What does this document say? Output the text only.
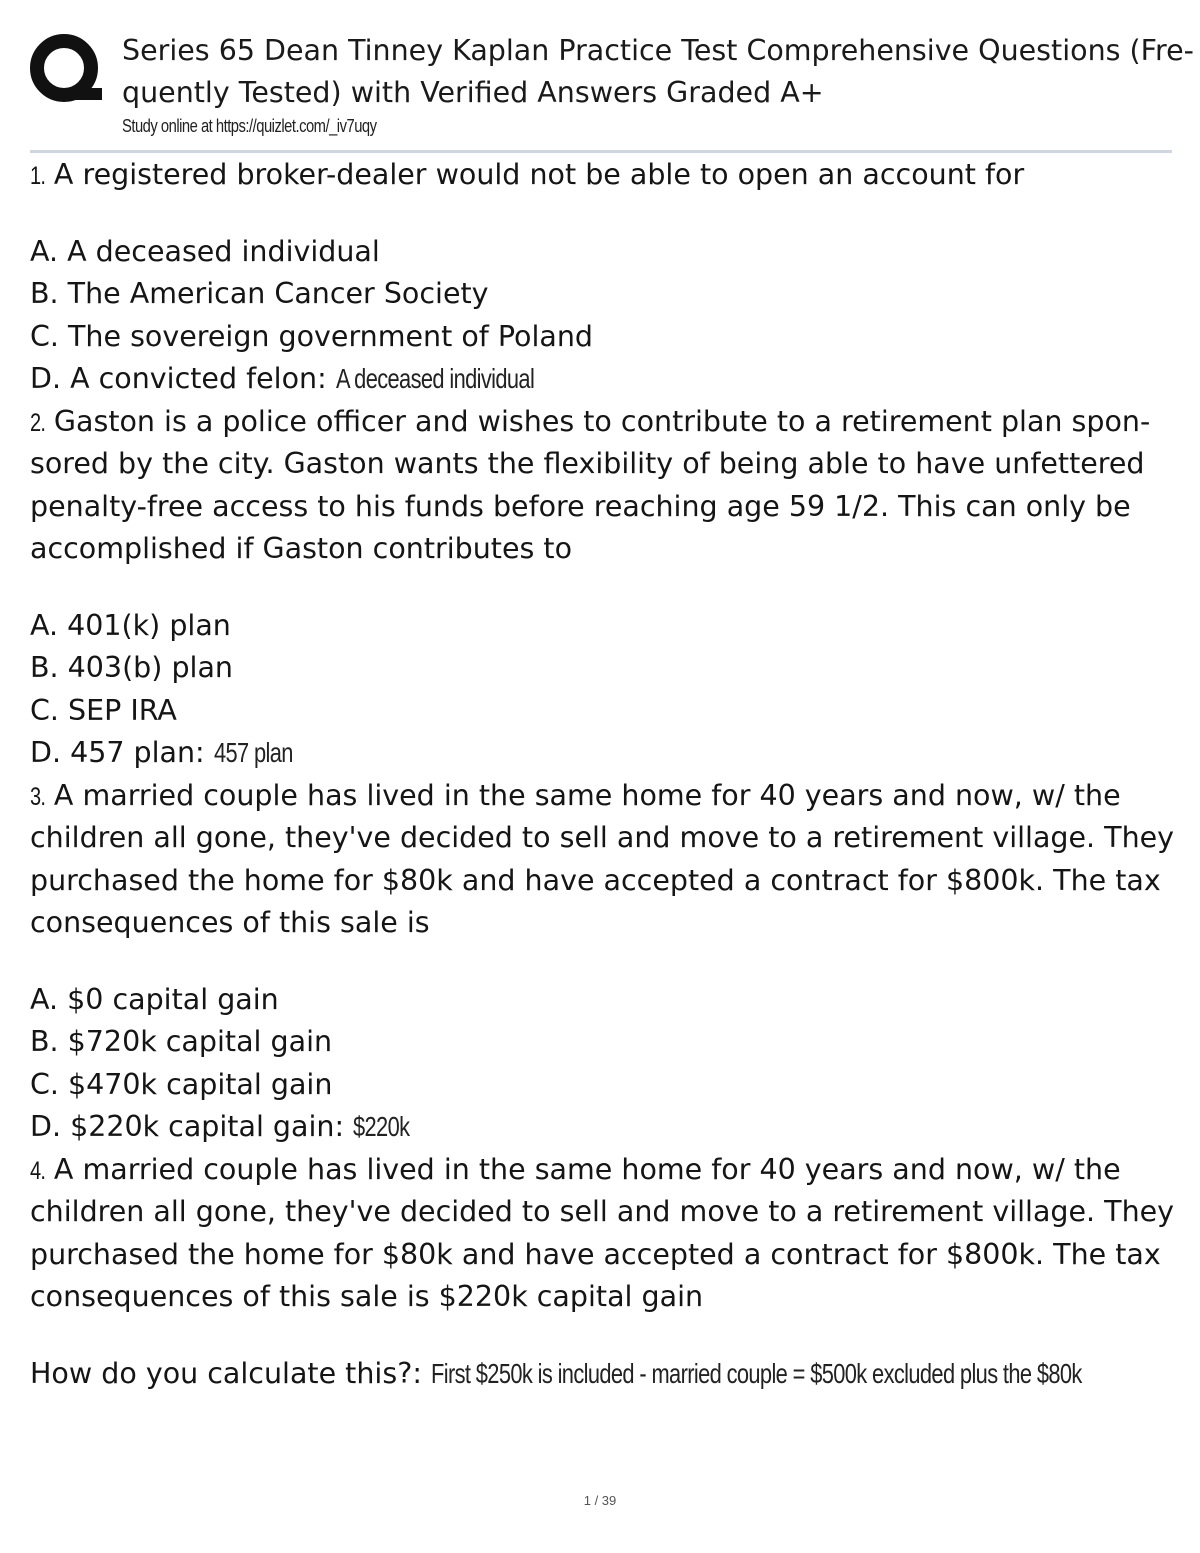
Series 65 Dean Tinney Kaplan Practice Test Comprehensive Questions (Fre-
quently Tested) with Verified Answers Graded A+
Study online at https://quizlet.com/_iv7uqy
1. A registered broker-dealer would not be able to open an account for
A. A deceased individual
B. The American Cancer Society
C. The sovereign government of Poland
D. A convicted felon: A deceased individual
2. Gaston is a police officer and wishes to contribute to a retirement plan spon-
sored by the city. Gaston wants the flexibility of being able to have unfettered
penalty-free access to his funds before reaching age 59 1/2. This can only be
accomplished if Gaston contributes to
A. 401(k) plan
B. 403(b) plan
C. SEP IRA
D. 457 plan: 457 plan
3. A married couple has lived in the same home for 40 years and now, w/ the
children all gone, they've decided to sell and move to a retirement village. They
purchased the home for $80k and have accepted a contract for $800k. The tax
consequences of this sale is
A. $0 capital gain
B. $720k capital gain
C. $470k capital gain
D. $220k capital gain: $220k
4. A married couple has lived in the same home for 40 years and now, w/ the
children all gone, they've decided to sell and move to a retirement village. They
purchased the home for $80k and have accepted a contract for $800k. The tax
consequences of this sale is $220k capital gain
How do you calculate this?: First $250k is included - married couple = $500k excluded plus the $80k
1 / 39
